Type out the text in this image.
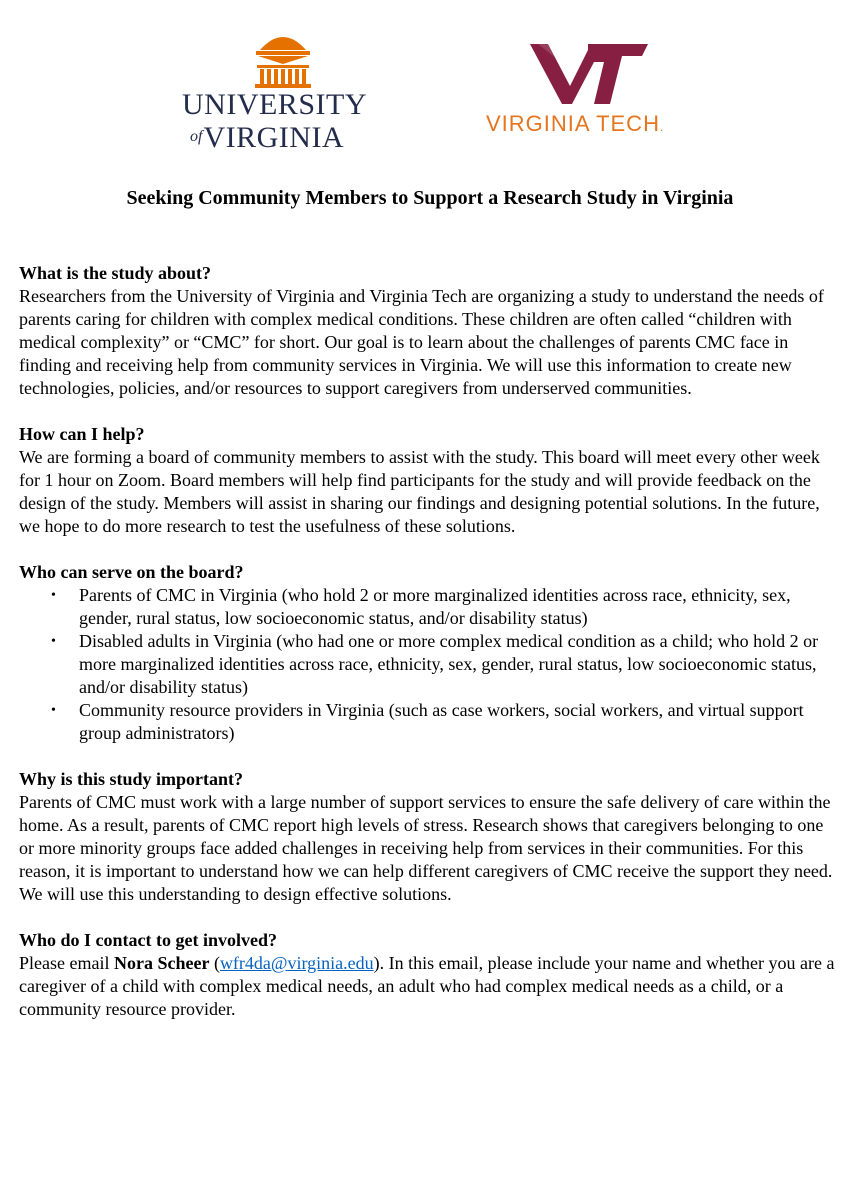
UNIVERSITY
ofVIRGINIA	VIRGINIA TECH.
Seeking Community Members to Support a Research Study in Virginia

What is the study about?

Researchers from the University of Virginia and Virginia Tech are organizing a study to understand the needs of parents caring for children with complex medical conditions. These children are often called “children with medical complexity” or “CMC” for short. Our goal is to learn about the challenges of parents CMC face in finding and receiving help from community services in Virginia. We will use this information to create new technologies, policies, and/or resources to support caregivers from underserved communities.

How can I help?

We are forming a board of community members to assist with the study. This board will meet every other week for 1 hour on Zoom. Board members will help find participants for the study and will provide feedback on the design of the study. Members will assist in sharing our findings and designing potential solutions. In the future, we hope to do more research to test the usefulness of these solutions.

Who can serve on the board?

• Parents of CMC in Virginia (who hold 2 or more marginalized identities across race, ethnicity, sex, gender, rural status, low socioeconomic status, and/or disability status)
• Disabled adults in Virginia (who had one or more complex medical condition as a child; who hold 2 or more marginalized identities across race, ethnicity, sex, gender, rural status, low socioeconomic status, and/or disability status)
• Community resource providers in Virginia (such as case workers, social workers, and virtual support group administrators)

Why is this study important?

Parents of CMC must work with a large number of support services to ensure the safe delivery of care within the home. As a result, parents of CMC report high levels of stress. Research shows that caregivers belonging to one or more minority groups face added challenges in receiving help from services in their communities. For this reason, it is important to understand how we can help different caregivers of CMC receive the support they need. We will use this understanding to design effective solutions.

Who do I contact to get involved?

Please email Nora Scheer (wfr4da@virginia.edu). In this email, please include your name and whether you are a caregiver of a child with complex medical needs, an adult who had complex medical needs as a child, or a community resource provider.
